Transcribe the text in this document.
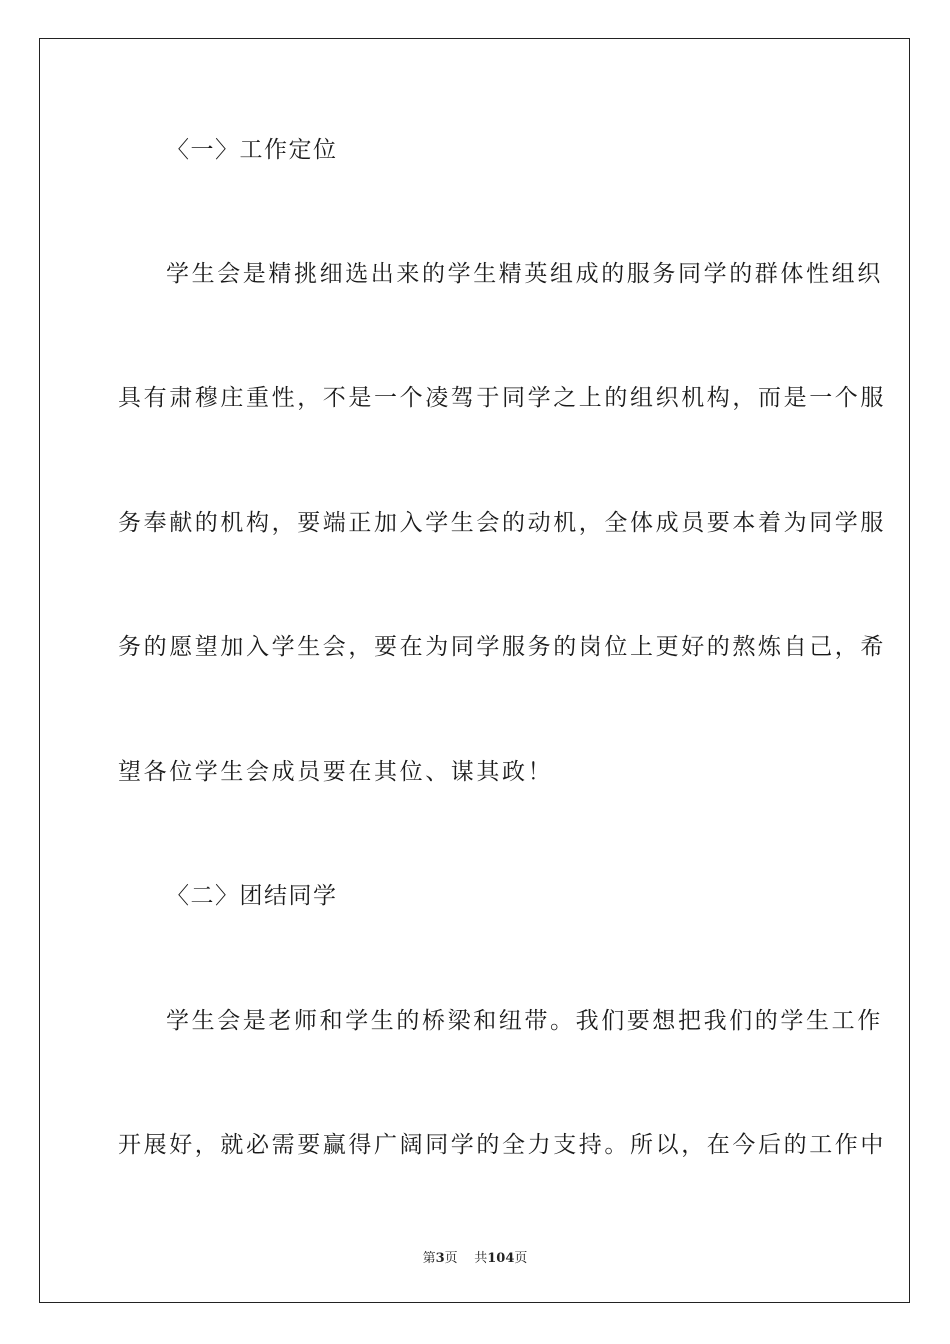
〈一〉工作定位
学生会是精挑细选出来的学生精英组成的服务同学的群体性组织
具有肃穆庄重性，不是一个凌驾于同学之上的组织机构，而是一个服
务奉献的机构，要端正加入学生会的动机，全体成员要本着为同学服
务的愿望加入学生会，要在为同学服务的岗位上更好的熬炼自己，希
望各位学生会成员要在其位、谋其政！
〈二〉团结同学
学生会是老师和学生的桥梁和纽带。我们要想把我们的学生工作
开展好，就必需要赢得广阔同学的全力支持。所以，在今后的工作中
第3页 共104页
